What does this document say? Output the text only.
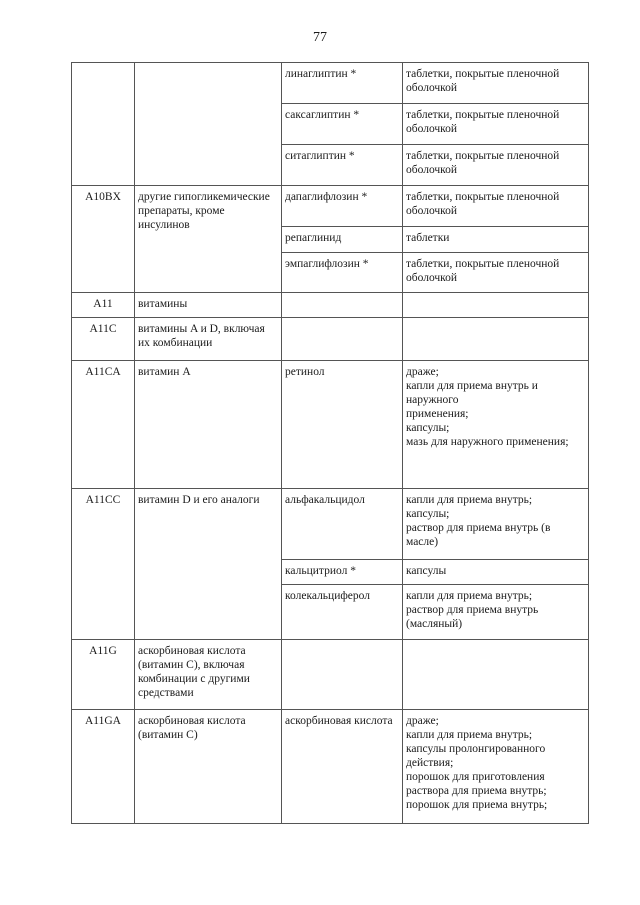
77
		линаглиптин *	таблетки, покрытые пленочной оболочкой
		саксаглиптин *	таблетки, покрытые пленочной оболочкой
		ситаглиптин *	таблетки, покрытые пленочной оболочкой
A10BX	другие гипогликемические препараты, кроме инсулинов	дапаглифлозин *	таблетки, покрытые пленочной оболочкой
		репаглинид	таблетки
		эмпаглифлозин *	таблетки, покрытые пленочной оболочкой
A11	витамины		
A11C	витамины A и D, включая их комбинации		
A11CA	витамин A	ретинол	драже;
капли для приема внутрь и наружного
применения;
капсулы;
мазь для наружного применения;
A11CC	витамин D и его аналоги	альфакальцидол	капли для приема внутрь;
капсулы;
раствор для приема внутрь (в масле)
		кальцитриол *	капсулы
		колекальциферол	капли для приема внутрь;
раствор для приема внутрь (масляный)
A11G	аскорбиновая кислота (витамин C), включая комбинации с другими средствами		
A11GA	аскорбиновая кислота (витамин C)	аскорбиновая кислота	драже;
капли для приема внутрь;
капсулы пролонгированного действия;
порошок для приготовления раствора для приема внутрь;
порошок для приема внутрь;
